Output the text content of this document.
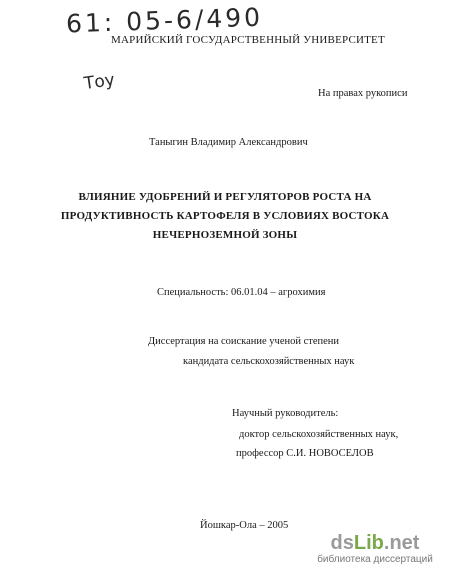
61: 05-6/490
МАРИЙСКИЙ ГОСУДАРСТВЕННЫЙ УНИВЕРСИТЕТ
Тоу	На правах рукописи
Таныгин Владимир Александрович
ВЛИЯНИЕ УДОБРЕНИЙ И РЕГУЛЯТОРОВ РОСТА НА
ПРОДУКТИВНОСТЬ КАРТОФЕЛЯ В УСЛОВИЯХ ВОСТОКА
НЕЧЕРНОЗЕМНОЙ ЗОНЫ
Специальность: 06.01.04 – агрохимия
Диссертация на соискание ученой степени
кандидата сельскохозяйственных наук
Научный руководитель:
доктор сельскохозяйственных наук,
профессор С.И. НОВОСЕЛОВ
Йошкар-Ола – 2005
dsLib.net
библиотека диссертаций
